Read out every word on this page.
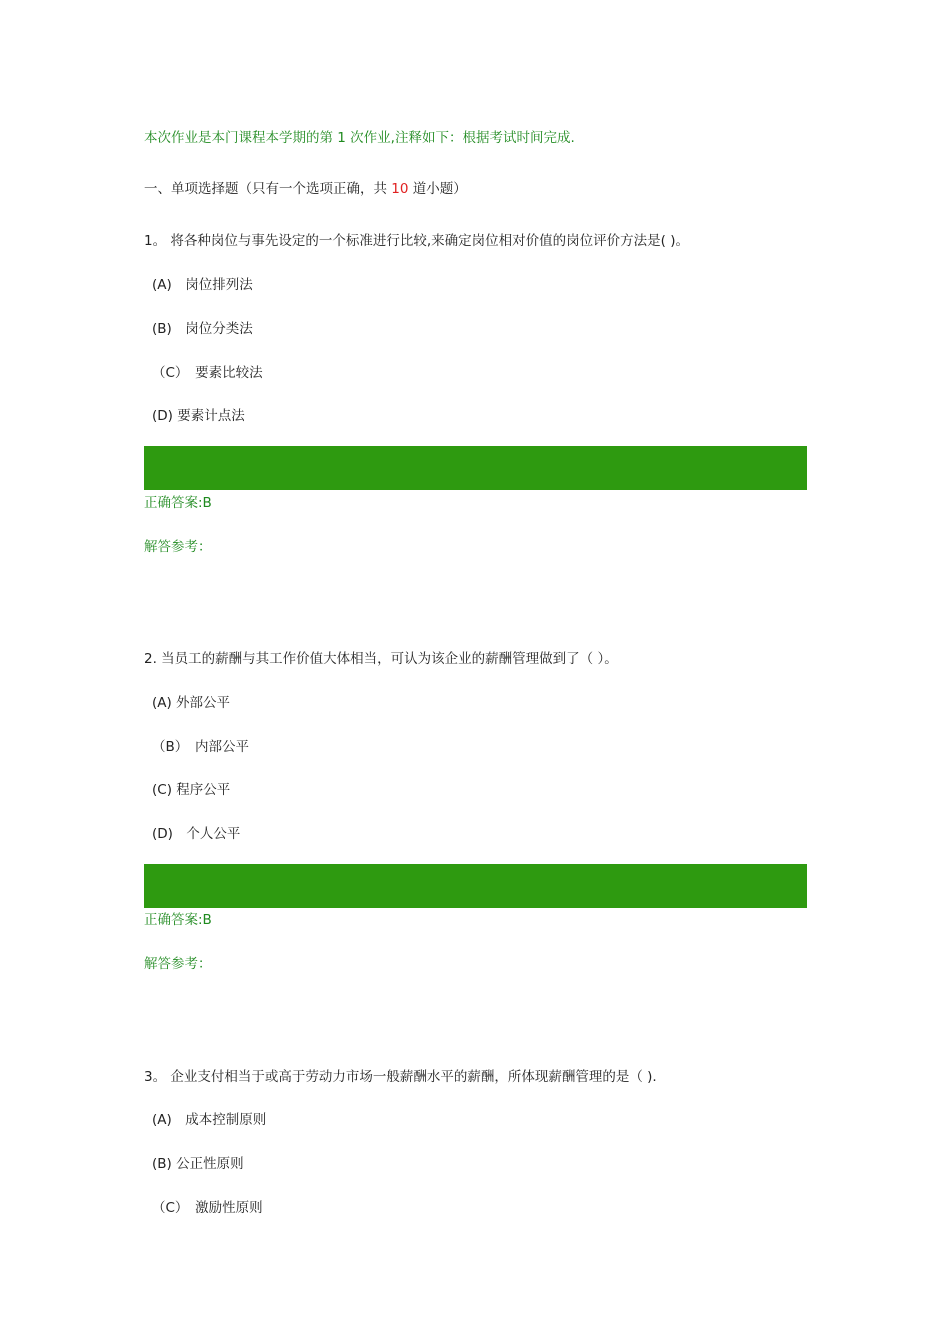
本次作业是本门课程本学期的第 1 次作业,注释如下：根据考试时间完成.
一、单项选择题（只有一个选项正确，共 10 道小题）
1。 将各种岗位与事先设定的一个标准进行比较,来确定岗位相对价值的岗位评价方法是( )。
(A)　岗位排列法
(B)　岗位分类法
（C）　要素比较法
(D) 要素计点法
正确答案:B
解答参考：
2. 当员工的薪酬与其工作价值大体相当，可认为该企业的薪酬管理做到了（ ）。
(A) 外部公平
（B）　内部公平
(C) 程序公平
(D)　个人公平
正确答案:B
解答参考：
3。 企业支付相当于或高于劳动力市场一般薪酬水平的薪酬，所体现薪酬管理的是（ ).
(A)　成本控制原则
(B) 公正性原则
（C）　激励性原则
